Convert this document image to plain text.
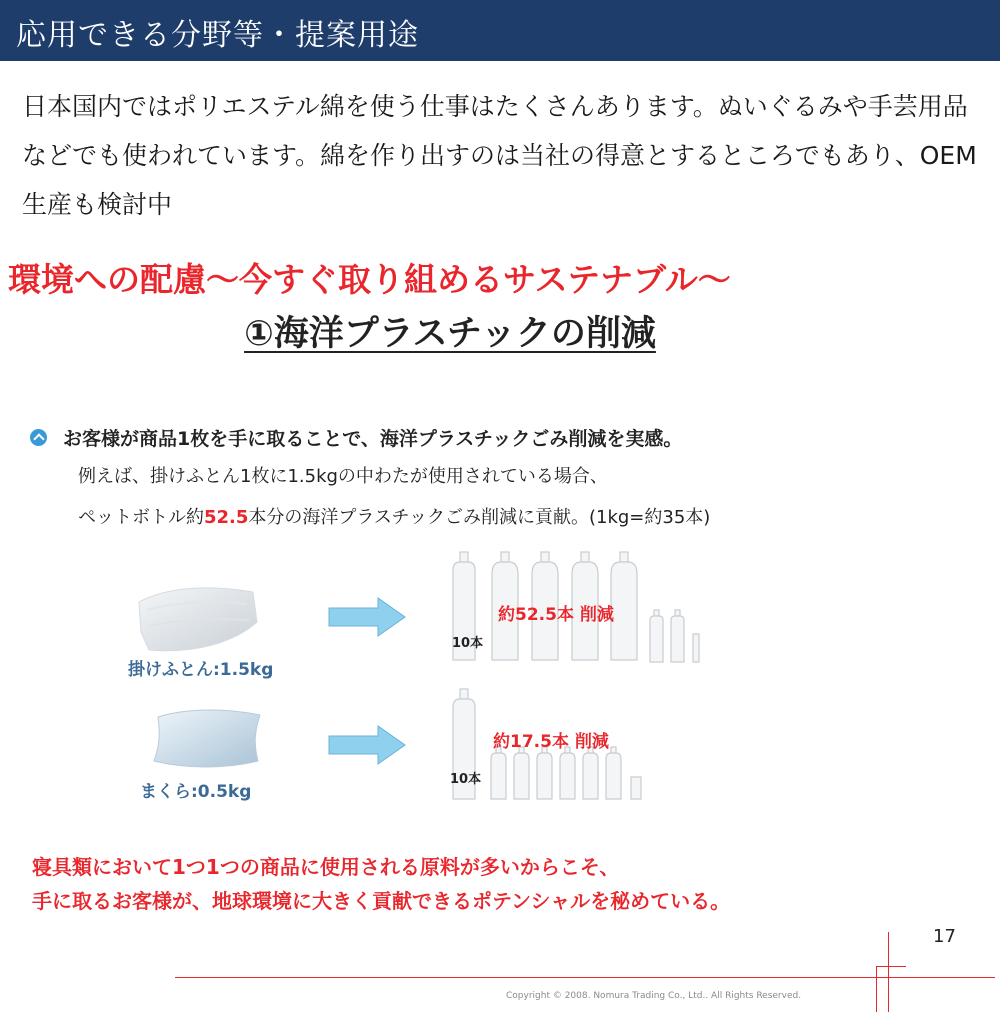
応用できる分野等・提案用途
日本国内ではポリエステル綿を使う仕事はたくさんあります。ぬいぐるみや手芸用品などでも使われています。綿を作り出すのは当社の得意とするところでもあり、OEM生産も検討中
環境への配慮～今すぐ取り組めるサステナブル～
①海洋プラスチックの削減
お客様が商品1枚を手に取ることで、海洋プラスチックごみ削減を実感。
例えば、掛けふとん1枚に1.5kgの中わたが使用されている場合、
ペットボトル約52.5本分の海洋プラスチックごみ削減に貢献。(1kg=約35本)
掛けふとん:1.5kg
まくら:0.5kg
10本
10本
約52.5本 削減
約17.5本 削減
寝具類において1つ1つの商品に使用される原料が多いからこそ、
手に取るお客様が、地球環境に大きく貢献できるポテンシャルを秘めている。
17
Copyright © 2008. Nomura Trading Co., Ltd.. All Rights Reserved.
